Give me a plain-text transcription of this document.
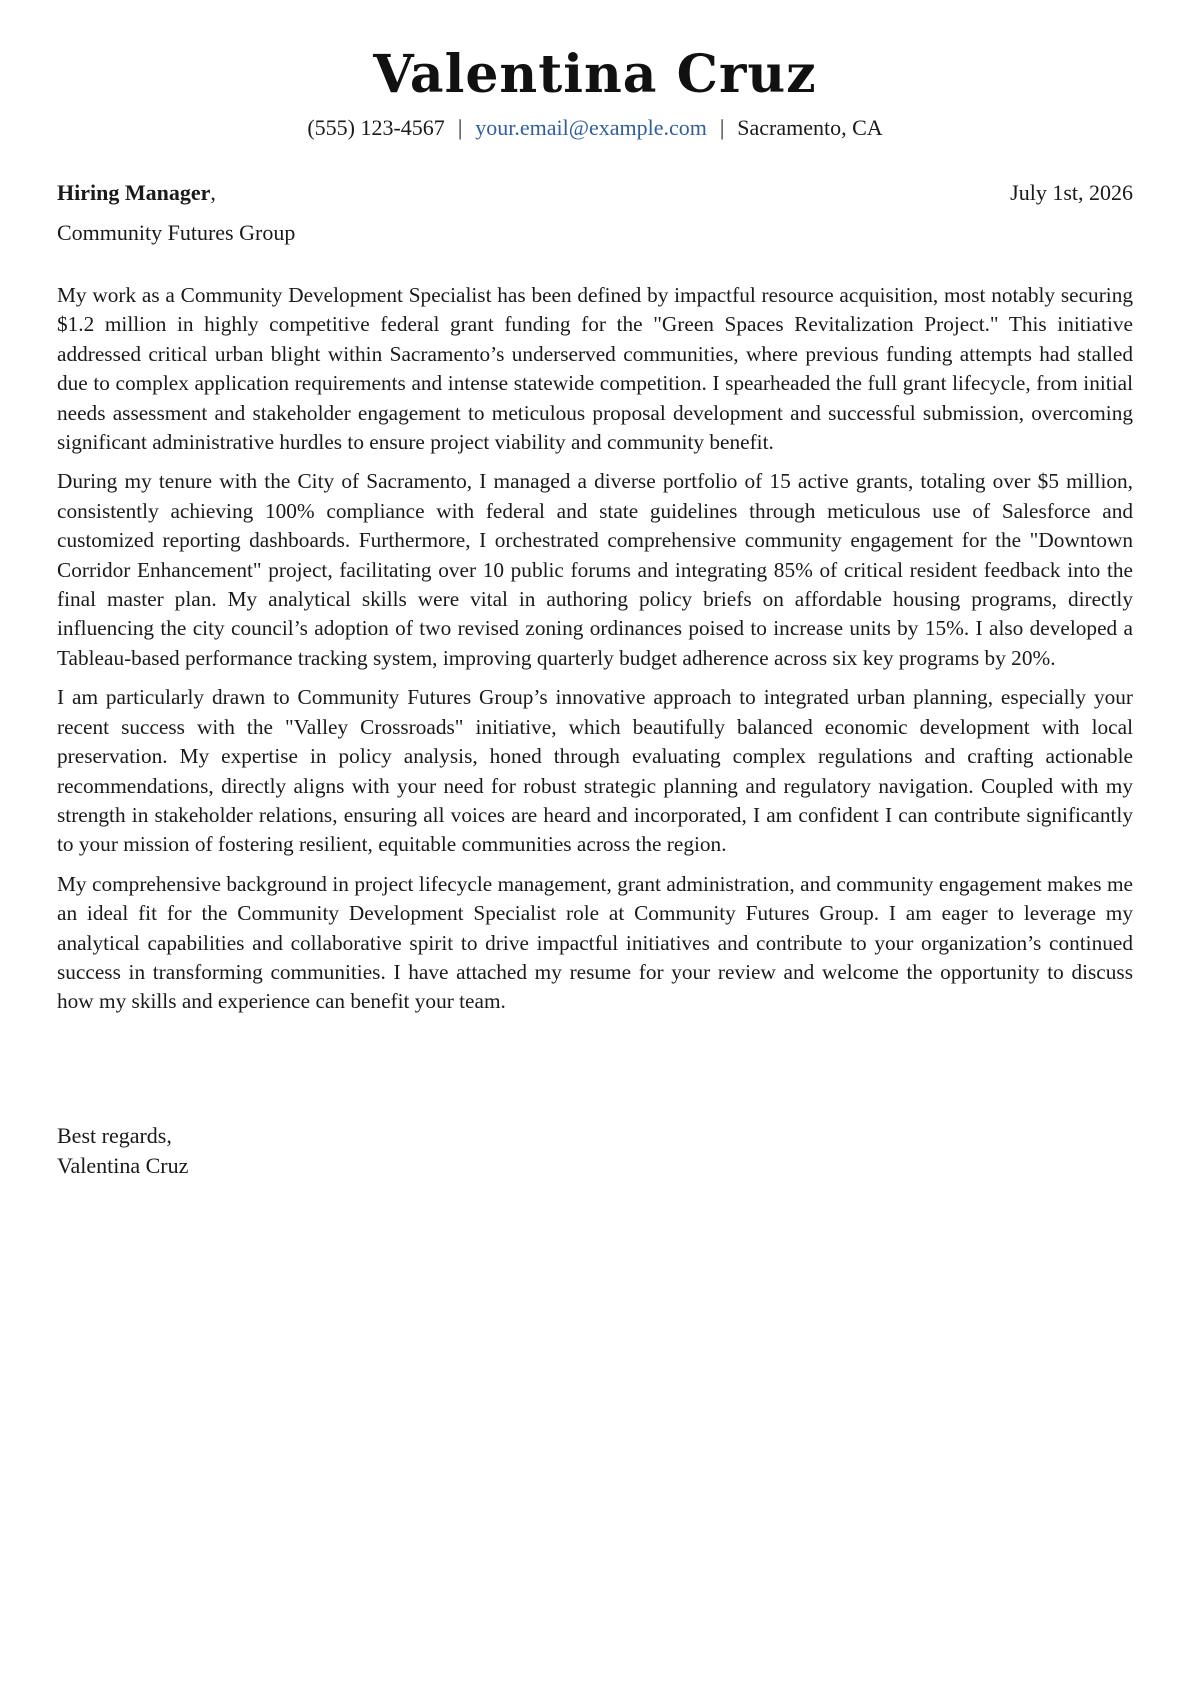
Valentina Cruz
(555) 123-4567 | your.email@example.com | Sacramento, CA
Hiring Manager,	July 1st, 2026
Community Futures Group

My work as a Community Development Specialist has been defined by impactful resource acquisition, most notably securing $1.2 million in highly competitive federal grant funding for the "Green Spaces Revitalization Project." This initiative addressed critical urban blight within Sacramento’s underserved communities, where previous funding attempts had stalled due to complex application requirements and intense statewide competition. I spearheaded the full grant lifecycle, from initial needs assessment and stakeholder engagement to meticulous proposal development and successful submission, overcoming significant administrative hurdles to ensure project viability and community benefit.

During my tenure with the City of Sacramento, I managed a diverse portfolio of 15 active grants, totaling over $5 million, consistently achieving 100% compliance with federal and state guidelines through meticulous use of Salesforce and customized reporting dashboards. Furthermore, I orchestrated comprehensive community engagement for the "Downtown Corridor Enhancement" project, facilitating over 10 public forums and integrating 85% of critical resident feedback into the final master plan. My analytical skills were vital in authoring policy briefs on affordable housing programs, directly influencing the city council’s adoption of two revised zoning ordinances poised to increase units by 15%. I also developed a Tableau-based performance tracking system, improving quarterly budget adherence across six key programs by 20%.

I am particularly drawn to Community Futures Group’s innovative approach to integrated urban planning, especially your recent success with the "Valley Crossroads" initiative, which beautifully balanced economic development with local preservation. My expertise in policy analysis, honed through evaluating complex regulations and crafting actionable recommendations, directly aligns with your need for robust strategic planning and regulatory navigation. Coupled with my strength in stakeholder relations, ensuring all voices are heard and incorporated, I am confident I can contribute significantly to your mission of fostering resilient, equitable communities across the region.

My comprehensive background in project lifecycle management, grant administration, and community engagement makes me an ideal fit for the Community Development Specialist role at Community Futures Group. I am eager to leverage my analytical capabilities and collaborative spirit to drive impactful initiatives and contribute to your organization’s continued success in transforming communities. I have attached my resume for your review and welcome the opportunity to discuss how my skills and experience can benefit your team.

Best regards,
Valentina Cruz
